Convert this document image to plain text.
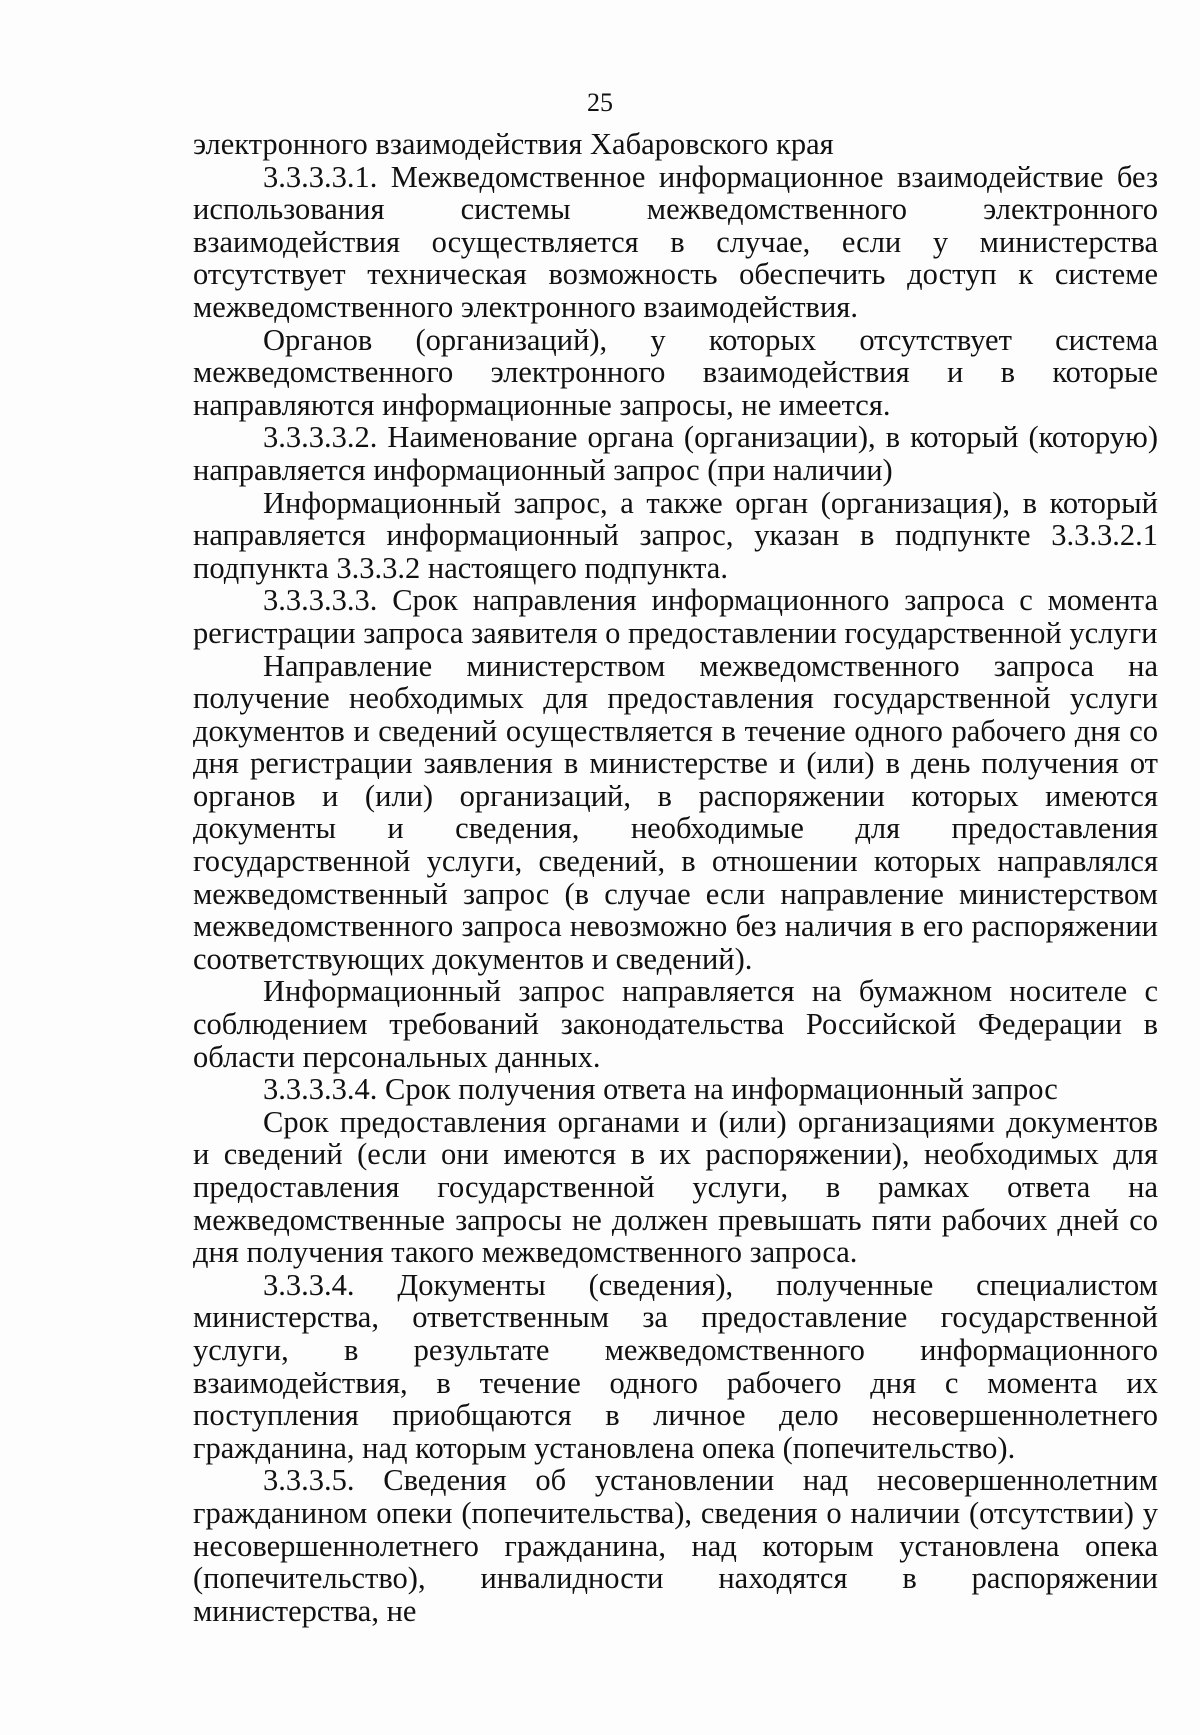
25

электронного взаимодействия Хабаровского края

3.3.3.3.1. Межведомственное информационное взаимодействие без использования системы межведомственного электронного взаимодействия осуществляется в случае, если у министерства отсутствует техническая возможность обеспечить доступ к системе межведомственного электронного взаимодействия.

Органов (организаций), у которых отсутствует система межведомственного электронного взаимодействия и в которые направляются информационные запросы, не имеется.

3.3.3.3.2. Наименование органа (организации), в который (которую) направляется информационный запрос (при наличии)

Информационный запрос, а также орган (организация), в который направляется информационный запрос, указан в подпункте 3.3.3.2.1 подпункта 3.3.3.2 настоящего подпункта.

3.3.3.3.3. Срок направления информационного запроса с момента регистрации запроса заявителя о предоставлении государственной услуги

Направление министерством межведомственного запроса на получение необходимых для предоставления государственной услуги документов и сведений осуществляется в течение одного рабочего дня со дня регистрации заявления в министерстве и (или) в день получения от органов и (или) организаций, в распоряжении которых имеются документы и сведения, необходимые для предоставления государственной услуги, сведений, в отношении которых направлялся межведомственный запрос (в случае если направление министерством межведомственного запроса невозможно без наличия в его распоряжении соответствующих документов и сведений).

Информационный запрос направляется на бумажном носителе с соблюдением требований законодательства Российской Федерации в области персональных данных.

3.3.3.3.4. Срок получения ответа на информационный запрос

Срок предоставления органами и (или) организациями документов и сведений (если они имеются в их распоряжении), необходимых для предоставления государственной услуги, в рамках ответа на межведомственные запросы не должен превышать пяти рабочих дней со дня получения такого межведомственного запроса.

3.3.3.4. Документы (сведения), полученные специалистом министерства, ответственным за предоставление государственной услуги, в результате межведомственного информационного взаимодействия, в течение одного рабочего дня с момента их поступления приобщаются в личное дело несовершеннолетнего гражданина, над которым установлена опека (попечительство).

3.3.3.5. Сведения об установлении над несовершеннолетним гражданином опеки (попечительства), сведения о наличии (отсутствии) у несовершеннолетнего гражданина, над которым установлена опека (попечительство), инвалидности находятся в распоряжении министерства, не
